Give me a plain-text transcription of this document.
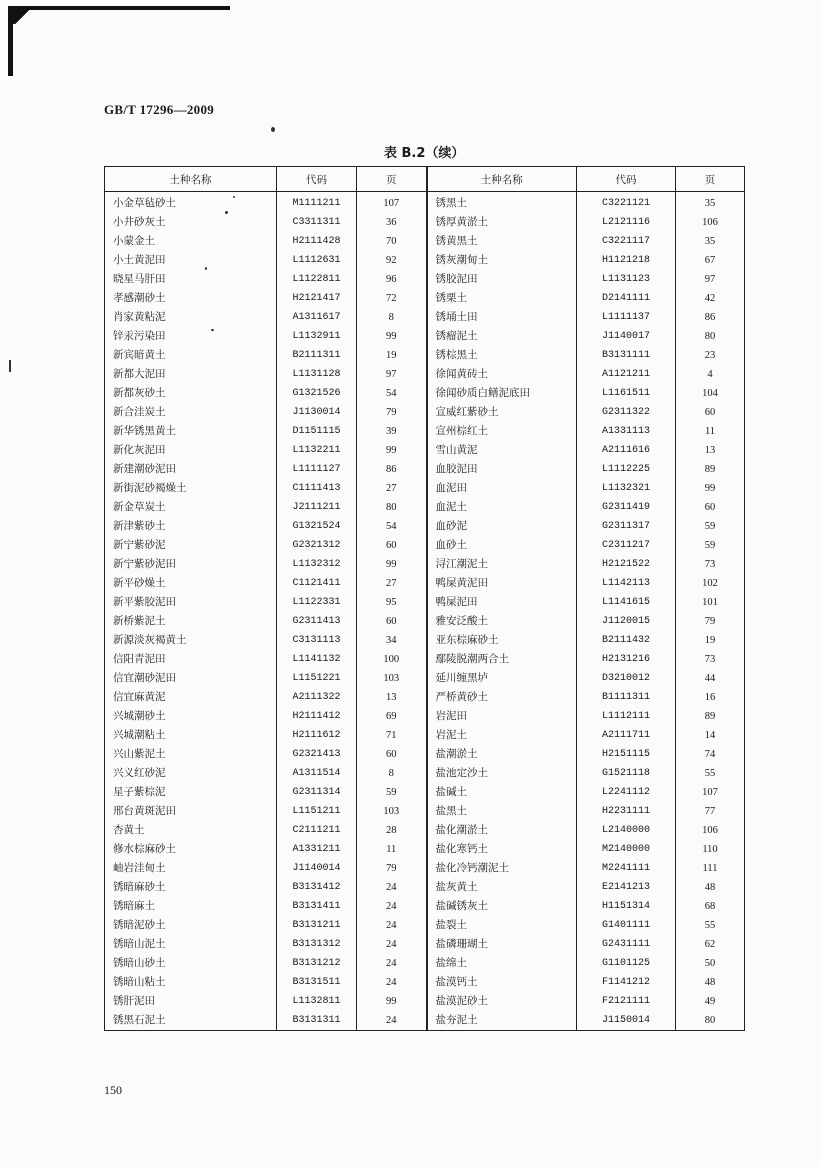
GB/T 17296—2009
表 B.2（续）
土种名称	代码	页	土种名称	代码	页
小金草毡砂土	M1111211	107	锈黑土	C3221121	35
小井砂灰土	C3311311	36	锈厚黄淤土	L2121116	106
小蒙金土	H2111428	70	锈黄黑土	C3221117	35
小土黄泥田	L1112631	92	锈灰潮甸土	H1121218	67
晓星马肝田	L1122811	96	锈胶泥田	L1131123	97
孝感潮砂土	H2121417	72	锈栗土	D2141111	42
肖家黄粘泥	A1311617	8	锈埇土田	L1111137	86
锌汞污染田	L1132911	99	锈瘤泥土	J1140017	80
新宾暗黄土	B2111311	19	锈棕黑土	B3131111	23
新都大泥田	L1131128	97	徐闻黄砖土	A1121211	4
新都灰砂土	G1321526	54	徐闻砂质白鳝泥底田	L1161511	104
新合洼炭土	J1130014	79	宣威红紫砂土	G2311322	60
新华锈黑黄土	D1151115	39	宣州棕红土	A1331113	11
新化灰泥田	L1132211	99	雪山黄泥	A2111616	13
新建潮砂泥田	L1111127	86	血胶泥田	L1112225	89
新街泥砂褐燥土	C1111413	27	血泥田	L1132321	99
新金草炭土	J2111211	80	血泥土	G2311419	60
新津紫砂土	G1321524	54	血砂泥	G2311317	59
新宁紫砂泥	G2321312	60	血砂土	C2311217	59
新宁紫砂泥田	L1132312	99	浔江潮泥土	H2121522	73
新平砂燥土	C1121411	27	鸭屎黄泥田	L1142113	102
新平紫胶泥田	L1122331	95	鸭屎泥田	L1141615	101
新桥紫泥土	G2311413	60	雅安泛酸土	J1120015	79
新源淡灰褐黄土	C3131113	34	亚东棕麻砂土	B2111432	19
信阳青泥田	L1141132	100	鄢陵脱潮两合土	H2131216	73
信宜潮砂泥田	L1151221	103	延川缠黑垆	D3210012	44
信宜麻黄泥	A2111322	13	严桥黄砂土	B1111311	16
兴城潮砂土	H2111412	69	岩泥田	L1112111	89
兴城潮粘土	H2111612	71	岩泥土	A2111711	14
兴山紫泥土	G2321413	60	盐潮淤土	H2151115	74
兴义红砂泥	A1311514	8	盐池定沙土	G1521118	55
星子紫棕泥	G2311314	59	盐碱土	L2241112	107
邢台黄斑泥田	L1151211	103	盐黑土	H2231111	77
杏黄土	C2111211	28	盐化潮淤土	L2140000	106
修水棕麻砂土	A1331211	11	盐化寒钙土	M2140000	110
岫岩洼甸土	J1140014	79	盐化冷钙潮泥土	M2241111	111
锈暗麻砂土	B3131412	24	盐灰黄土	E2141213	48
锈暗麻土	B3131411	24	盐碱锈灰土	H1151314	68
锈暗泥砂土	B3131211	24	盐裂土	G1401111	55
锈暗山泥土	B3131312	24	盐磷珊瑚土	G2431111	62
锈暗山砂土	B3131212	24	盐绵土	G1101125	50
锈暗山粘土	B3131511	24	盐漠钙土	F1141212	48
锈肝泥田	L1132811	99	盐漠泥砂土	F2121111	49
锈黑石泥土	B3131311	24	盐夯泥土	J1150014	80
150
